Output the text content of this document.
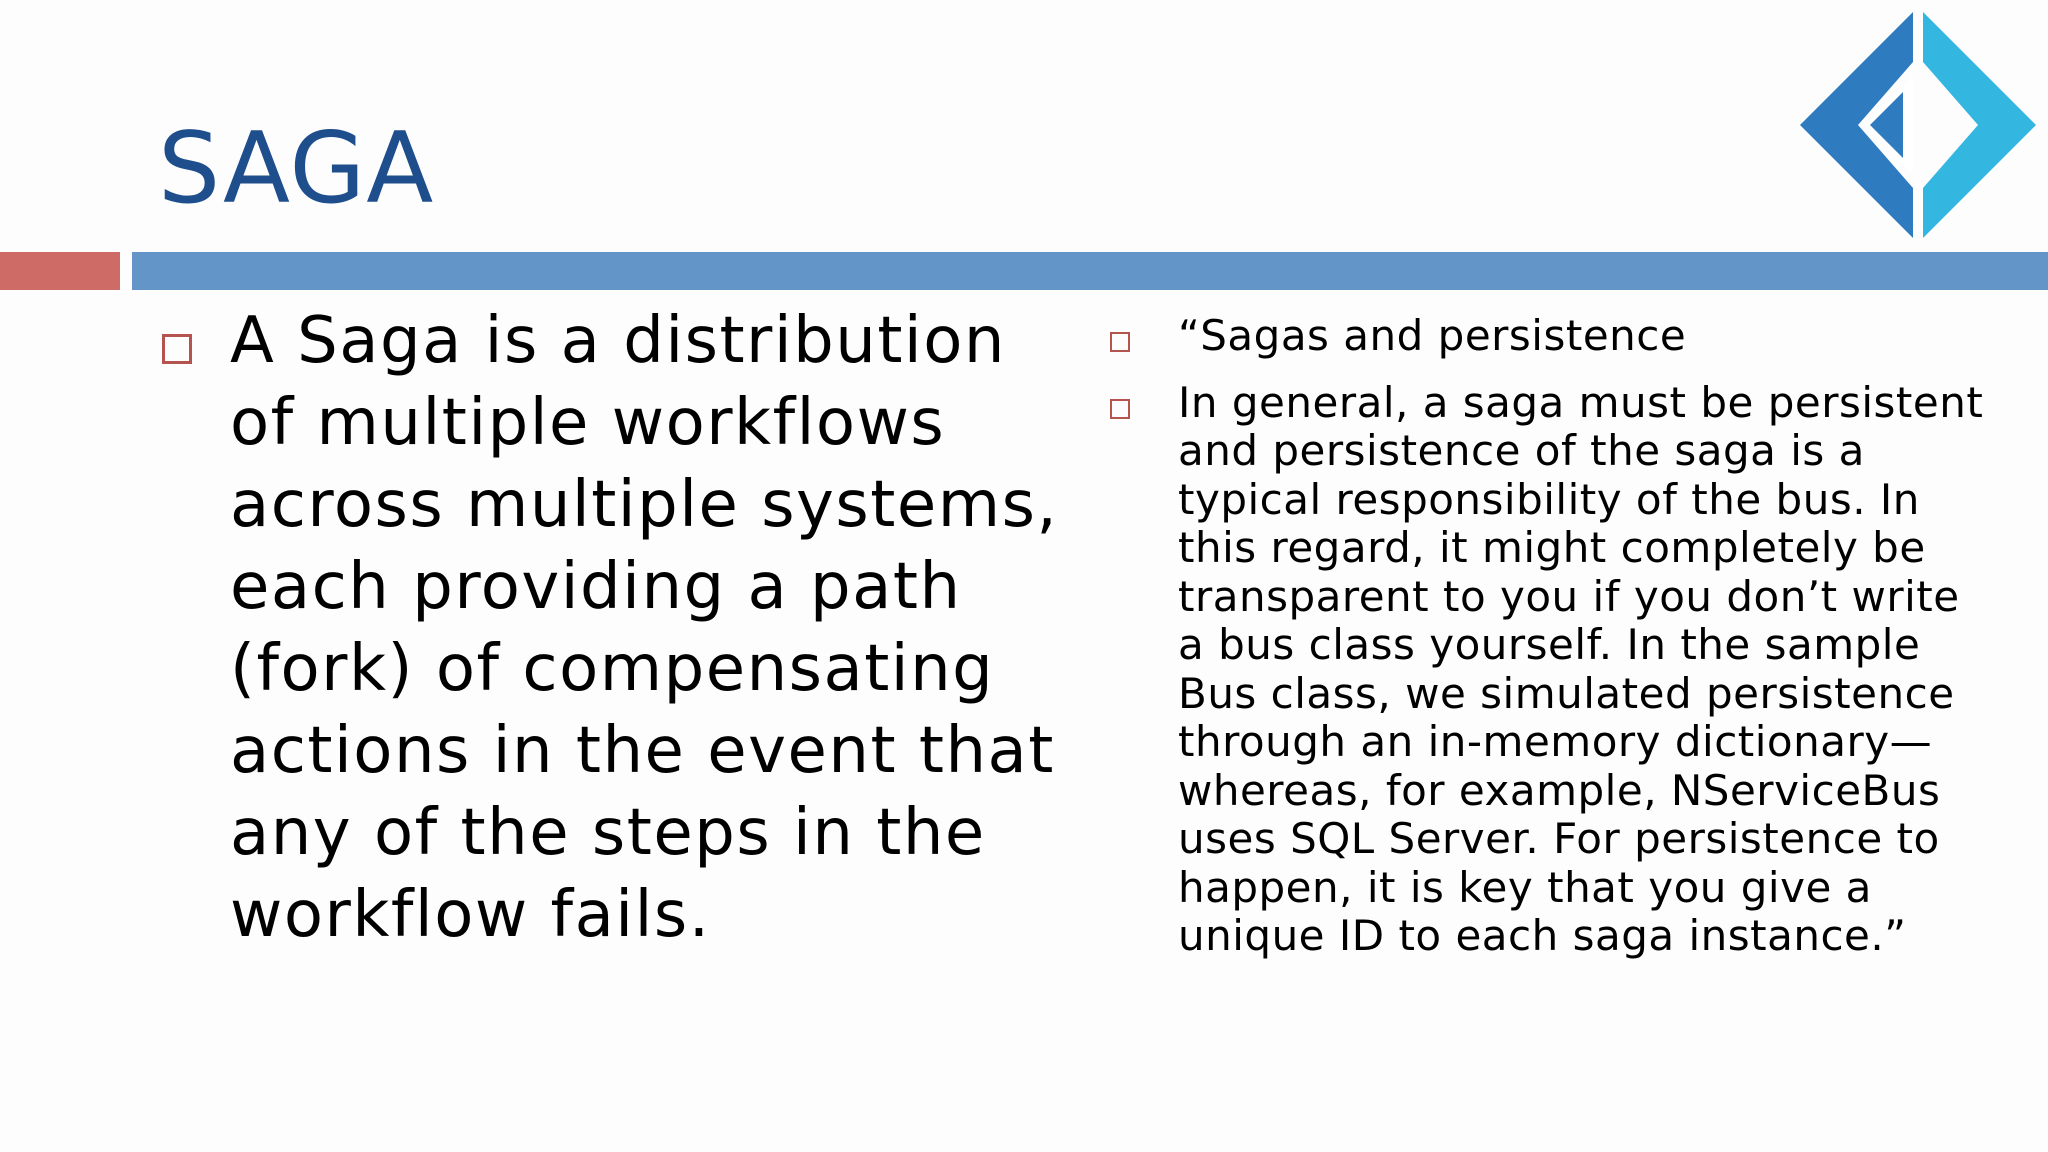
SAGA
A Saga is a distribution
of multiple workflows
across multiple systems,
each providing a path
(fork) of compensating
actions in the event that
any of the steps in the
workflow fails.
“Sagas and persistence
In general, a saga must be persistent
and persistence of the saga is a
typical responsibility of the bus. In
this regard, it might completely be
transparent to you if you don’t write
a bus class yourself. In the sample
Bus class, we simulated persistence
through an in-memory dictionary—
whereas, for example, NServiceBus
uses SQL Server. For persistence to
happen, it is key that you give a
unique ID to each saga instance.”
